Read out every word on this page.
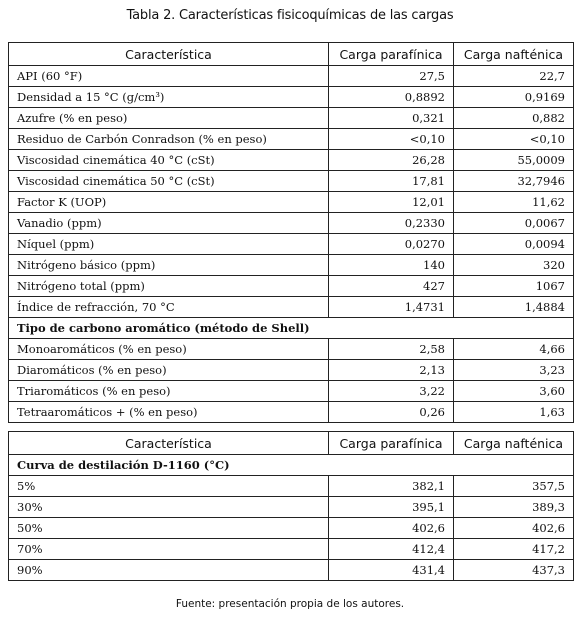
Tabla 2. Características fisicoquímicas de las cargas
Característica	Carga parafínica	Carga nafténica
API (60 °F)	27,5	22,7
Densidad a 15 °C (g/cm³)	0,8892	0,9169
Azufre (% en peso)	0,321	0,882
Residuo de Carbón Conradson (% en peso)	<0,10	<0,10
Viscosidad cinemática 40 °C (cSt)	26,28	55,0009
Viscosidad cinemática 50 °C (cSt)	17,81	32,7946
Factor K (UOP)	12,01	11,62
Vanadio (ppm)	0,2330	0,0067
Níquel (ppm)	0,0270	0,0094
Nitrógeno básico (ppm)	140	320
Nitrógeno total (ppm)	427	1067
Índice de refracción, 70 °C	1,4731	1,4884
Tipo de carbono aromático (método de Shell)		
Monoaromáticos (% en peso)	2,58	4,66
Diaromáticos (% en peso)	2,13	3,23
Triaromáticos (% en peso)	3,22	3,60
Tetraaromáticos + (% en peso)	0,26	1,63
Característica	Carga parafínica	Carga nafténica
Curva de destilación D-1160 (°C)		
5%	382,1	357,5
30%	395,1	389,3
50%	402,6	402,6
70%	412,4	417,2
90%	431,4	437,3
Fuente: presentación propia de los autores.
